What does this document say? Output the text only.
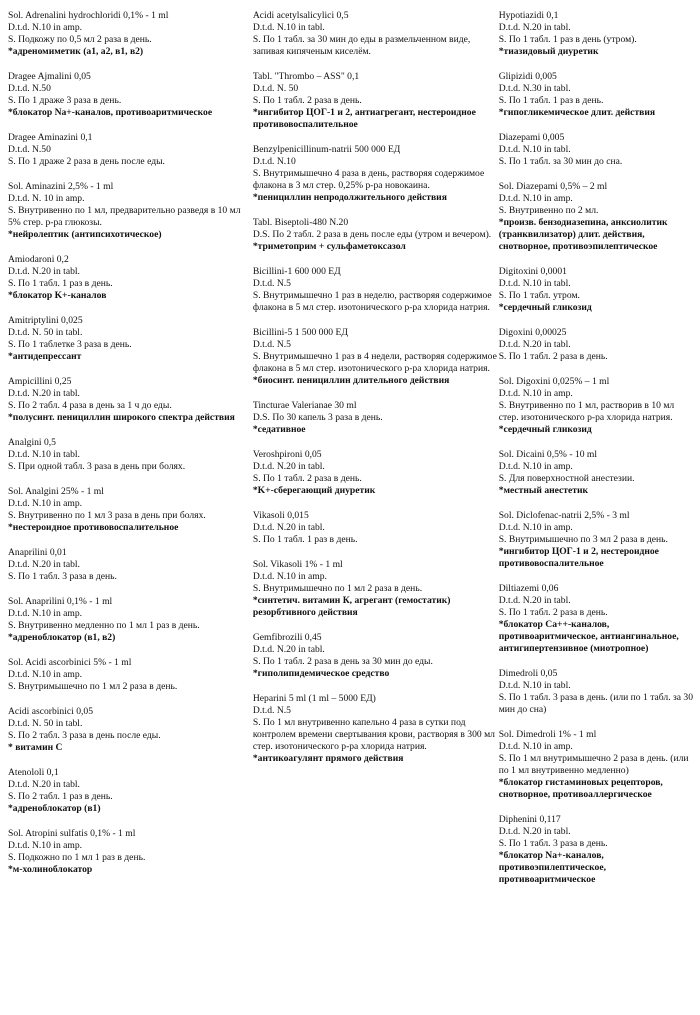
Sol. Adrenalini hydrochloridi 0,1% - 1 ml
D.t.d. N.10 in amp.
S. Подкожу по 0,5 мл 2 раза в день.
*адреномиметик (а1, а2, в1, в2)
Dragee Ajmalini 0,05
D.t.d. N.50
S. По 1 драже 3 раза в день.
*блокатор Na+-каналов, противоаритмическое
Dragee Aminazini 0,1
D.t.d. N.50
S. По 1 драже 2 раза в день после еды.
Sol. Aminazini 2,5% - 1 ml
D.t.d. N. 10 in amp.
S. Внутривенно по 1 мл, предварительно разведя в 10 мл 5% стер. р-ра глюкозы.
*нейролептик (антипсихотическое)
Amiodaroni 0,2
D.t.d. N.20 in tabl.
S. По 1 табл. 1 раз в день.
*блокатор K+-каналов
Amitriptylini 0,025
D.t.d. N. 50 in tabl.
S. По 1 таблетке 3 раза в день.
*антидепрессант
Ampicillini 0,25
D.t.d. N.20 in tabl.
S. По 2 табл. 4 раза в день за 1 ч до еды.
*полусинт. пенициллин широкого спектра действия
Analgini 0,5
D.t.d. N.10 in tabl.
S. При одной табл. 3 раза в день при болях.
Sol. Analgini 25% - 1 ml
D.t.d. N.10 in amp.
S. Внутривенно по 1 мл 3 раза в день при болях.
*нестероидное противовоспалительное
Anaprilini 0,01
D.t.d. N.20 in tabl.
S. По 1 табл. 3 раза в день.
Sol. Anaprilini 0,1% - 1 ml
D.t.d. N.10 in amp.
S. Внутривенно медленно по 1 мл 1 раз в день.
*адреноблокатор (в1, в2)
Sol. Acidi ascorbinici 5% - 1 ml
D.t.d. N.10 in amp.
S. Внутримышечно по 1 мл 2 раза в день.
Acidi ascorbinici 0,05
D.t.d. N. 50 in tabl.
S. По 2 табл. 3 раза в день после еды.
* витамин С
Atenololi 0,1
D.t.d. N.20 in tabl.
S. По 2 табл. 1 раз в день.
*адреноблокатор (в1)
Sol. Atropini sulfatis 0,1% - 1 ml
D.t.d. N.10 in amp.
S. Подкожно по 1 мл 1 раз в день.
*м-холиноблокатор
Acidi acetylsalicylici 0,5
D.t.d. N.10 in tabl.
S. По 1 табл. за 30 мин до еды в размельченном виде, запивая кипяченым киселём.
Tabl. "Thrombo – ASS" 0,1
D.t.d. N. 50
S. По 1 табл. 2 раза в день.
*ингибитор ЦОГ-1 и 2, антиагрегант, нестероидное противовоспалительное
Benzylpenicillinum-natrii 500 000 ЕД
D.t.d. N.10
S. Внутримышечно 4 раза в день, растворяя содержимое флакона в 3 мл стер. 0,25% р-ра новокаина.
*пенициллин непродолжительного действия
Tabl. Biseptoli-480 N.20
D.S. По 2 табл. 2 раза в день после еды (утром и вечером).
*триметоприм + сульфаметоксазол
Bicillini-1 600 000 ЕД
D.t.d. N.5
S. Внутримышечно 1 раз в неделю, растворяя содержимое флакона в 5 мл стер. изотонического р-ра хлорида натрия.
Bicillini-5 1 500 000 ЕД
D.t.d. N.5
S. Внутримышечно 1 раз в 4 недели, растворяя содержимое флакона в 5 мл стер. изотонического р-ра хлорида натрия.
*биосинт. пенициллин длительного действия
Tincturae Valerianae 30 ml
D.S. По 30 капель 3 раза в день.
*седативное
Veroshpironi 0,05
D.t.d. N.20 in tabl.
S. По 1 табл. 2 раза в день.
*K+-сберегающий диуретик
Vikasoli 0,015
D.t.d. N.20 in tabl.
S. По 1 табл. 1 раз в день.
Sol. Vikasoli 1% - 1 ml
D.t.d. N.10 in amp.
S. Внутримышечно по 1 мл 2 раза в день.
*синтетич. витамин К, агрегант (гемостатик) резорбтивного действия
Gemfibrozili 0,45
D.t.d. N.20 in tabl.
S. По 1 табл. 2 раза в день за 30 мин до еды.
*гиполипидемическое средство
Heparini 5 ml (1 ml – 5000 ЕД)
D.t.d. N.5
S. По 1 мл внутривенно капельно 4 раза в сутки под контролем времени свертывания крови, растворяя в 300 мл стер. изотонического р-ра хлорида натрия.
*антикоагулянт прямого действия
Hypotiazidi 0,1
D.t.d. N.20 in tabl.
S. По 1 табл. 1 раз в день (утром).
*тиазидовый диуретик
Glipizidi 0,005
D.t.d. N.30 in tabl.
S. По 1 табл. 1 раз в день.
*гипогликемическое длит. действия
Diazepami 0,005
D.t.d. N.10 in tabl.
S. По 1 табл. за 30 мин до сна.
Sol. Diazepami 0,5% – 2 ml
D.t.d. N.10 in amp.
S. Внутривенно по 2 мл.
*произв. бензодиазепина, анксиолитик (транквилизатор) длит. действия, снотворное, противоэпилептическое
Digitoxini 0,0001
D.t.d. N.10 in tabl.
S. По 1 табл. утром.
*сердечный гликозид
Digoxini 0,00025
D.t.d. N.20 in tabl.
S. По 1 табл. 2 раза в день.
Sol. Digoxini 0,025% – 1 ml
D.t.d. N.10 in amp.
S. Внутривенно по 1 мл, растворив в 10 мл стер. изотонического р-ра хлорида натрия.
*сердечный гликозид
Sol. Dicaini 0,5% - 10 ml
D.t.d. N.10 in amp.
S. Для поверхностной анестезии.
*местный анестетик
Sol. Diclofenac-natrii 2,5% - 3 ml
D.t.d. N.10 in amp.
S. Внутримышечно по 3 мл 2 раза в день.
*ингибитор ЦОГ-1 и 2, нестероидное противовоспалительное
Diltiazemi 0,06
D.t.d. N.20 in tabl.
S. По 1 табл. 2 раза в день.
*блокатор Са++-каналов, противоаритмическое, антиангинальное, антигипертензивное (миотропное)
Dimedroli 0,05
D.t.d. N.10 in tabl.
S. По 1 табл. 3 раза в день. (или по 1 табл. за 30 мин до сна)
Sol. Dimedroli 1% - 1 ml
D.t.d. N.10 in amp.
S. По 1 мл внутримышечно 2 раза в день. (или по 1 мл внутривенно медленно)
*блокатор гистаминовых рецепторов, снотворное, противоаллергическое
Diphenini 0,117
D.t.d. N.20 in tabl.
S. По 1 табл. 3 раза в день.
*блокатор Na+-каналов, противоэпилептическое, противоаритмическое
